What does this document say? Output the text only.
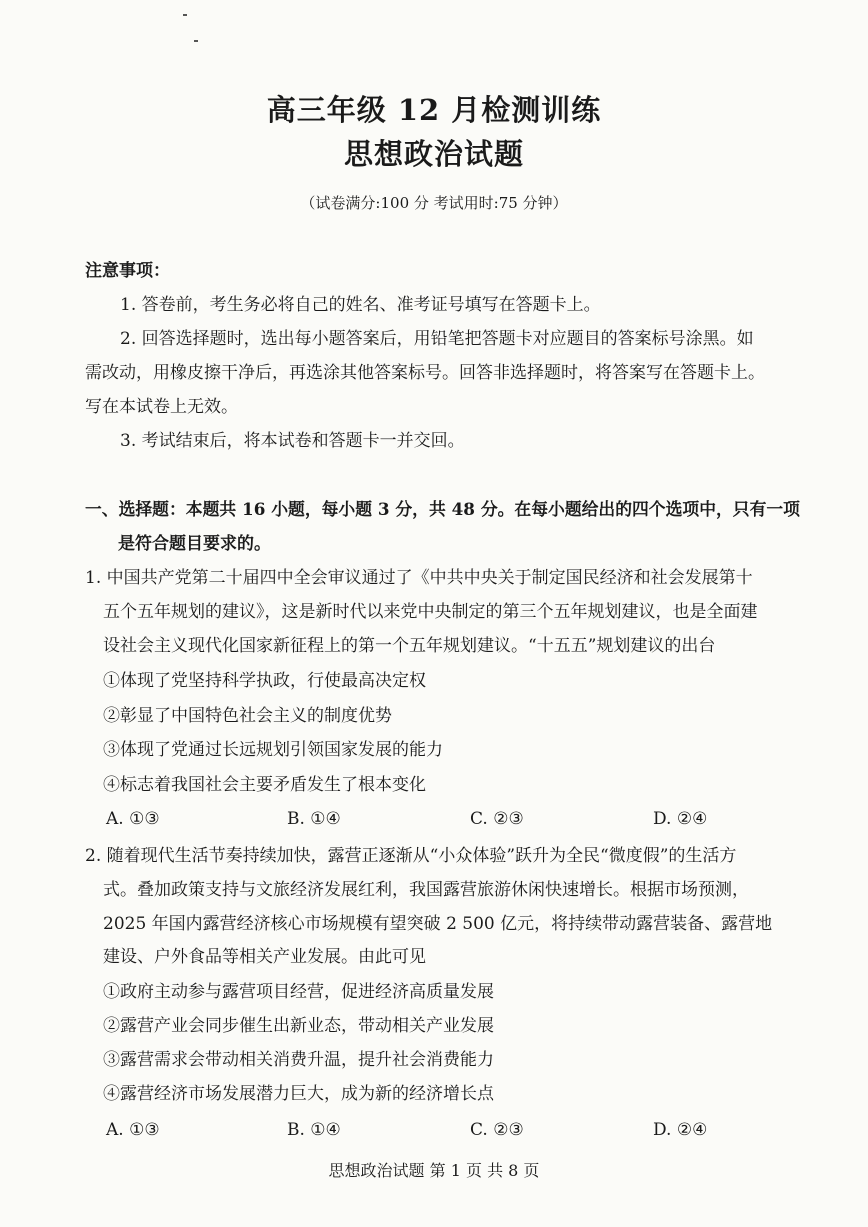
高三年级 12 月检测训练
思想政治试题
（试卷满分:100 分 考试用时:75 分钟）
注意事项：
1. 答卷前，考生务必将自己的姓名、准考证号填写在答题卡上。
2. 回答选择题时，选出每小题答案后，用铅笔把答题卡对应题目的答案标号涂黑。如
需改动，用橡皮擦干净后，再选涂其他答案标号。回答非选择题时，将答案写在答题卡上。
写在本试卷上无效。
3. 考试结束后，将本试卷和答题卡一并交回。
一、选择题：本题共 16 小题，每小题 3 分，共 48 分。在每小题给出的四个选项中，只有一项
是符合题目要求的。
1. 中国共产党第二十届四中全会审议通过了《中共中央关于制定国民经济和社会发展第十
五个五年规划的建议》，这是新时代以来党中央制定的第三个五年规划建议，也是全面建
设社会主义现代化国家新征程上的第一个五年规划建议。“十五五”规划建议的出台
①体现了党坚持科学执政，行使最高决定权
②彰显了中国特色社会主义的制度优势
③体现了党通过长远规划引领国家发展的能力
④标志着我国社会主要矛盾发生了根本变化
A. ①③	B. ①④	C. ②③	D. ②④
2. 随着现代生活节奏持续加快，露营正逐渐从“小众体验”跃升为全民“微度假”的生活方
式。叠加政策支持与文旅经济发展红利，我国露营旅游休闲快速增长。根据市场预测，
2025 年国内露营经济核心市场规模有望突破 2 500 亿元，将持续带动露营装备、露营地
建设、户外食品等相关产业发展。由此可见
①政府主动参与露营项目经营，促进经济高质量发展
②露营产业会同步催生出新业态，带动相关产业发展
③露营需求会带动相关消费升温，提升社会消费能力
④露营经济市场发展潜力巨大，成为新的经济增长点
A. ①③	B. ①④	C. ②③	D. ②④
思想政治试题 第 1 页 共 8 页
